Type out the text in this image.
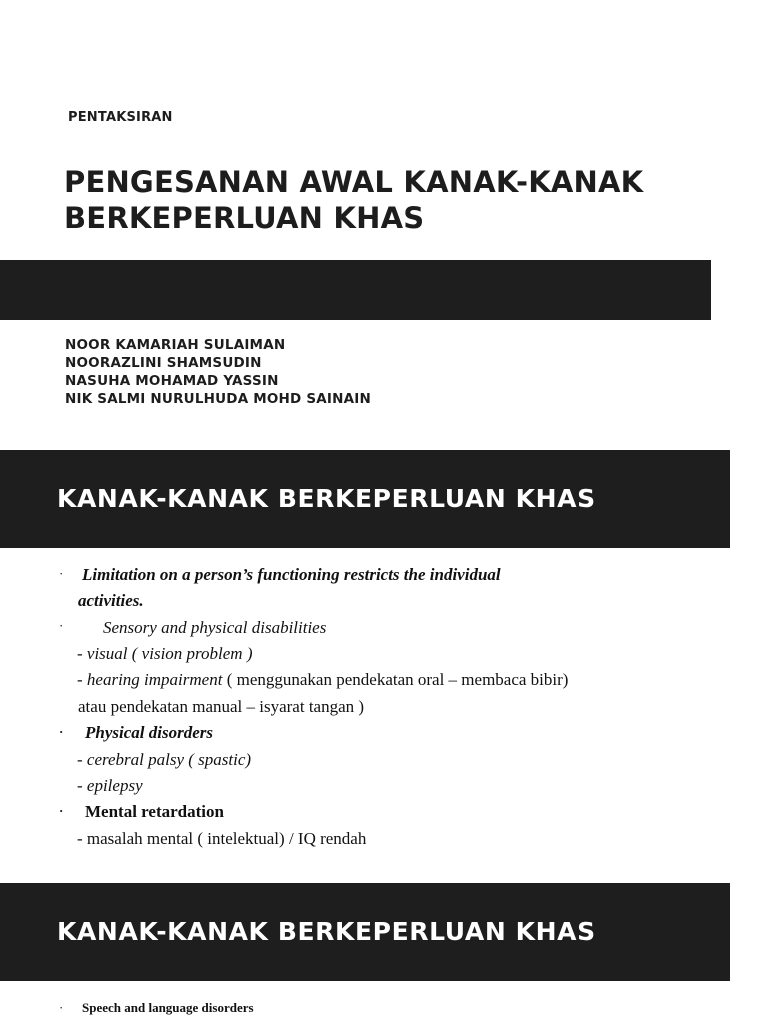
PENTAKSIRAN
PENGESANAN AWAL KANAK-KANAK
BERKEPERLUAN KHAS
NOOR KAMARIAH SULAIMAN
NOORAZLINI SHAMSUDIN
NASUHA MOHAMAD YASSIN
NIK SALMI NURULHUDA MOHD SAINAIN
KANAK-KANAK BERKEPERLUAN KHAS
· Limitation on a person’s functioning restricts the individual
activities.
· Sensory and physical disabilities
- visual ( vision problem )
- hearing impairment ( menggunakan pendekatan oral – membaca bibir)
atau pendekatan manual – isyarat tangan )
· Physical disorders
- cerebral palsy ( spastic)
- epilepsy
· Mental retardation
- masalah mental ( intelektual) / IQ rendah
KANAK-KANAK BERKEPERLUAN KHAS
· Speech and language disorders
